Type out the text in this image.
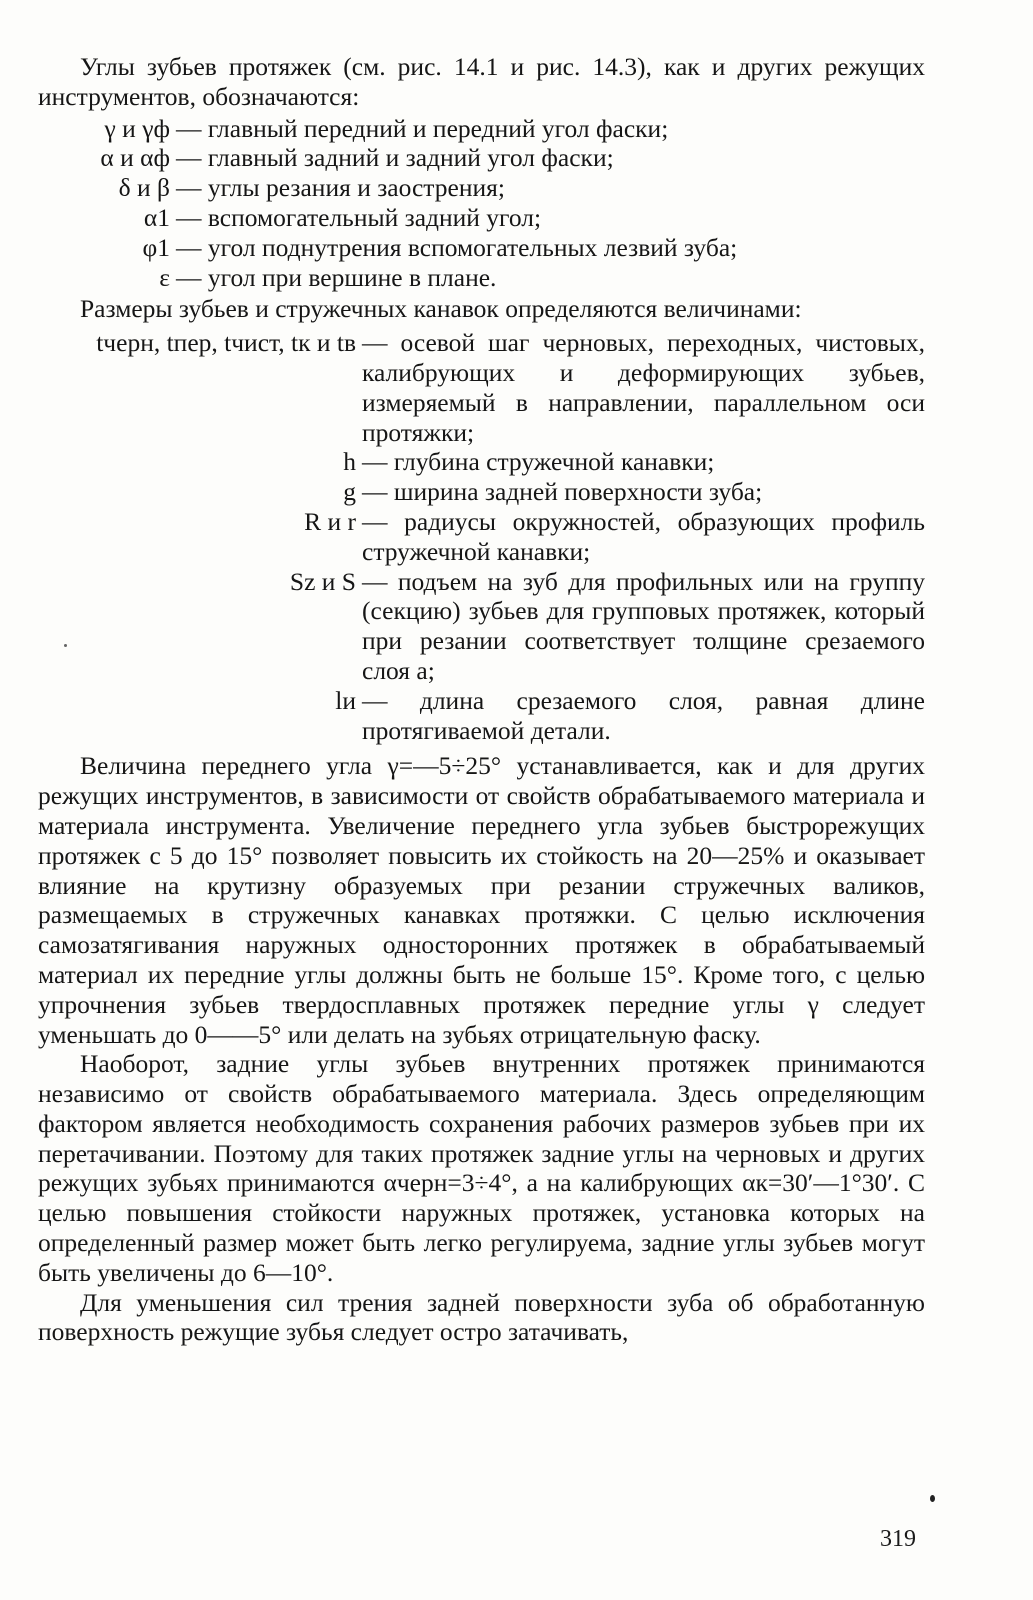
Углы зубьев протяжек (см. рис. 14.1 и рис. 14.3), как и других режущих инструментов, обозначаются:

γ и γф — главный передний и передний угол фаски;
α и αф — главный задний и задний угол фаски;
δ и β — углы резания и заострения;
α1 — вспомогательный задний угол;
φ1 — угол поднутрения вспомогательных лезвий зуба;
ε — угол при вершине в плане.

Размеры зубьев и стружечных канавок определяются величинами:

tчерн, tпер, tчист, tк и tв — осевой шаг черновых, переходных, чистовых, калибрующих и деформирующих зубьев, измеряемый в направлении, параллельном оси протяжки;
h — глубина стружечной канавки;
g — ширина задней поверхности зуба;
R и r — радиусы окружностей, образующих профиль стружечной канавки;
Sz и S — подъем на зуб для профильных или на группу (секцию) зубьев для групповых протяжек, который при резании соответствует толщине срезаемого слоя a;
lи — длина срезаемого слоя, равная длине протягиваемой детали.

Величина переднего угла γ=—5÷25° устанавливается, как и для других режущих инструментов, в зависимости от свойств обрабатываемого материала и материала инструмента. Увеличение переднего угла зубьев быстрорежущих протяжек с 5 до 15° позволяет повысить их стойкость на 20—25% и оказывает влияние на крутизну образуемых при резании стружечных валиков, размещаемых в стружечных канавках протяжки. С целью исключения самозатягивания наружных односторонних протяжек в обрабатываемый материал их передние углы должны быть не больше 15°. Кроме того, с целью упрочнения зубьев твердосплавных протяжек передние углы γ следует уменьшать до 0——5° или делать на зубьях отрицательную фаску.

Наоборот, задние углы зубьев внутренних протяжек принимаются независимо от свойств обрабатываемого материала. Здесь определяющим фактором является необходимость сохранения рабочих размеров зубьев при их перетачивании. Поэтому для таких протяжек задние углы на черновых и других режущих зубьях принимаются αчерн=3÷4°, а на калибрующих αк=30′—1°30′. С целью повышения стойкости наружных протяжек, установка которых на определенный размер может быть легко регулируема, задние углы зубьев могут быть увеличены до 6—10°.

Для уменьшения сил трения задней поверхности зуба об обработанную поверхность режущие зубья следует остро затачивать,

319
